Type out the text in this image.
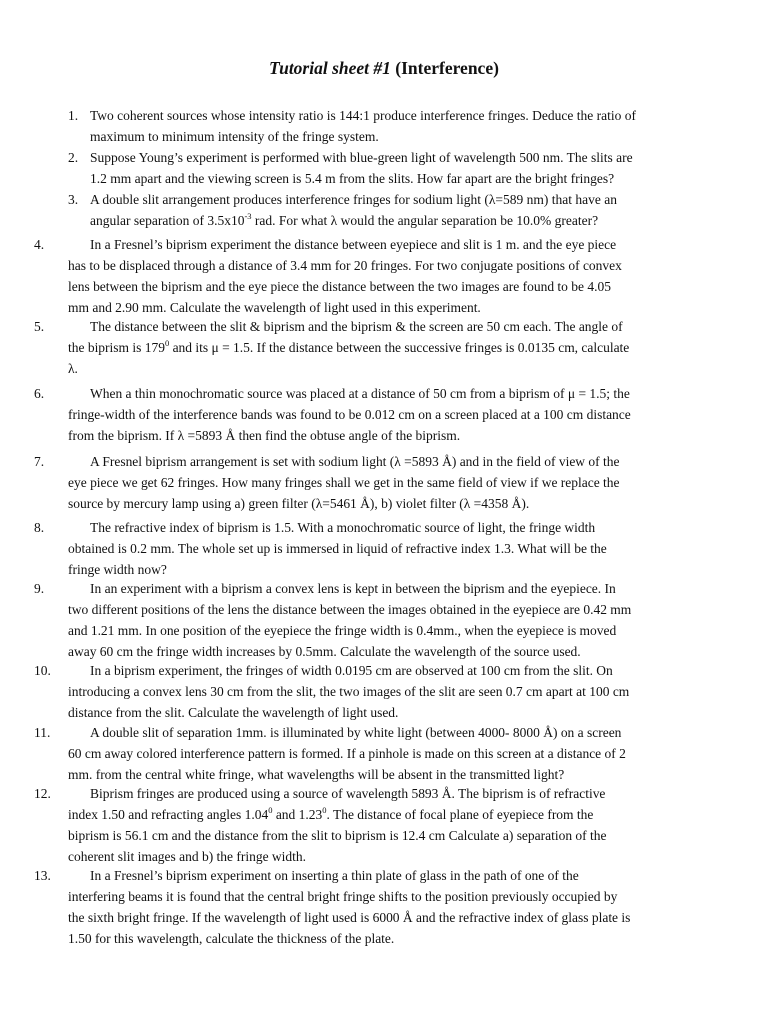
Tutorial sheet #1 (Interference)
1. Two coherent sources whose intensity ratio is 144:1 produce interference fringes. Deduce the ratio of

maximum to minimum intensity of the fringe system.

2. Suppose Young’s experiment is performed with blue-green light of wavelength 500 nm. The slits are

1.2 mm apart and the viewing screen is 5.4 m from the slits. How far apart are the bright fringes?

3. A double slit arrangement produces interference fringes for sodium light (λ=589 nm) that have an

angular separation of $3.5x10^{-3}$ rad. For what λ would the angular separation be 10.0% greater?

4.	In a Fresnel’s biprism experiment the distance between eyepiece and slit is 1 m. and the eye piece

has to be displaced through a distance of 3.4 mm for 20 fringes. For two conjugate positions of convex

lens between the biprism and the eye piece the distance between the two images are found to be 4.05

mm and 2.90 mm. Calculate the wavelength of light used in this experiment.

5.	The distance between the slit & biprism and the biprism & the screen are 50 cm each. The angle of

the biprism is $179^0$ and its μ = 1.5. If the distance between the successive fringes is 0.0135 cm, calculate

λ.

6.	When a thin monochromatic source was placed at a distance of 50 cm from a biprism of μ = 1.5; the

fringe-width of the interference bands was found to be 0.012 cm on a screen placed at a 100 cm distance

from the biprism. If λ =5893 Å then find the obtuse angle of the biprism.

7.	A Fresnel biprism arrangement is set with sodium light (λ =5893 Å) and in the field of view of the

eye piece we get 62 fringes. How many fringes shall we get in the same field of view if we replace the

source by mercury lamp using a) green filter (λ=5461 Å), b) violet filter (λ =4358 Å).

8.	The refractive index of biprism is 1.5. With a monochromatic source of light, the fringe width

obtained is 0.2 mm. The whole set up is immersed in liquid of refractive index 1.3. What will be the

fringe width now?

9.	In an experiment with a biprism a convex lens is kept in between the biprism and the eyepiece. In

two different positions of the lens the distance between the images obtained in the eyepiece are 0.42 mm

and 1.21 mm. In one position of the eyepiece the fringe width is 0.4mm., when the eyepiece is moved

away 60 cm the fringe width increases by 0.5mm. Calculate the wavelength of the source used.

10.	In a biprism experiment, the fringes of width 0.0195 cm are observed at 100 cm from the slit. On

introducing a convex lens 30 cm from the slit, the two images of the slit are seen 0.7 cm apart at 100 cm

distance from the slit. Calculate the wavelength of light used.

11.	A double slit of separation 1mm. is illuminated by white light (between 4000- 8000 Å) on a screen

60 cm away colored interference pattern is formed. If a pinhole is made on this screen at a distance of 2

mm. from the central white fringe, what wavelengths will be absent in the transmitted light?

12.	Biprism fringes are produced using a source of wavelength 5893 Å. The biprism is of refractive

index 1.50 and refracting angles 1.04$^0$ and 1.23$^0$. The distance of focal plane of eyepiece from the

biprism is 56.1 cm and the distance from the slit to biprism is 12.4 cm Calculate a) separation of the

coherent slit images and b) the fringe width.

13.	In a Fresnel’s biprism experiment on inserting a thin plate of glass in the path of one of the

interfering beams it is found that the central bright fringe shifts to the position previously occupied by

the sixth bright fringe. If the wavelength of light used is 6000 Å and the refractive index of glass plate is

1.50 for this wavelength, calculate the thickness of the plate.
